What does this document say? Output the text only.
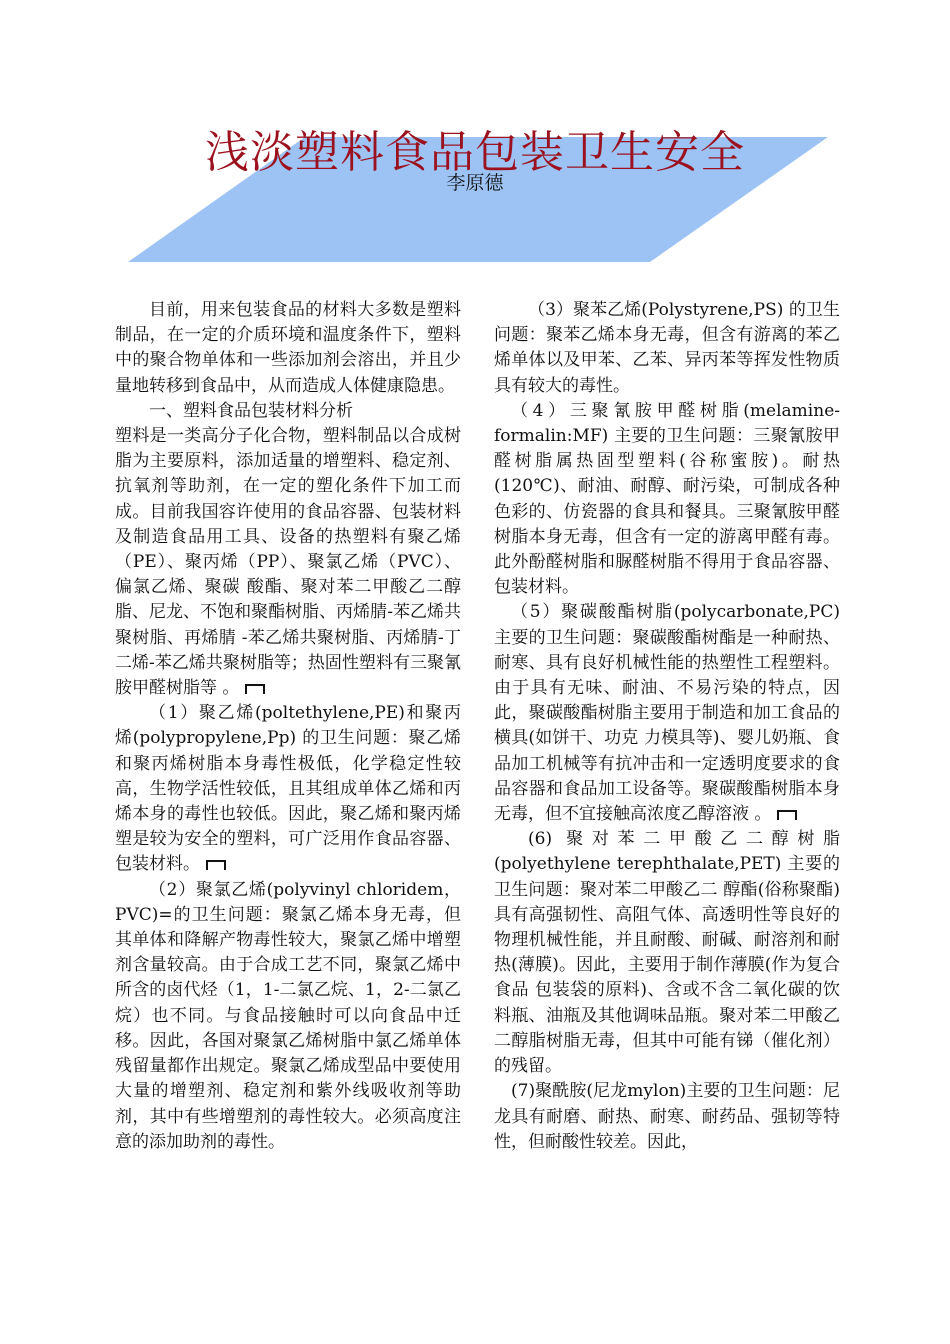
浅淡塑料食品包装卫生安全
李原德

目前，用来包装食品的材料大多数是塑料制品，在一定的介质环境和温度条件下，塑料中的聚合物单体和一些添加剂会溶出，并且少量地转移到食品中，从而造成人体健康隐患。

一、塑料食品包装材料分析

塑料是一类高分子化合物，塑料制品以合成树脂为主要原料，添加适量的增塑料、稳定剂、抗氧剂等助剂，在一定的塑化条件下加工而成。目前我国容许使用的食品容器、包装材料及制造食品用工具、设备的热塑料有聚乙烯（PE）、聚丙烯（PP）、聚氯乙烯（PVC）、偏氯乙烯、聚碳 酸酯、聚对苯二甲酸乙二醇脂、尼龙、不饱和聚酯树脂、丙烯腈-苯乙烯共聚树脂、再烯腈 -苯乙烯共聚树脂、丙烯腈-丁二烯-苯乙烯共聚树脂等；热固性塑料有三聚氰胺甲醛树脂等 。

（1）聚乙烯(poltethylene,PE)和聚丙烯(polypropylene,Pp) 的卫生问题：聚乙烯和聚丙烯树脂本身毒性极低，化学稳定性较高，生物学活性较低，且其组成单体乙烯和丙烯本身的毒性也较低。因此，聚乙烯和聚丙烯塑是较为安全的塑料，可广泛用作食品容器、包装材料。

（2）聚氯乙烯(polyvinyl chloridem，PVC)=的卫生问题：聚氯乙烯本身无毒，但其单体和降解产物毒性较大，聚氯乙烯中增塑剂含量较高。由于合成工艺不同，聚氯乙烯中所含的卤代烃（1，1-二氯乙烷、1，2-二氯乙烷）也不同。与食品接触时可以向食品中迁移。因此，各国对聚氯乙烯树脂中氯乙烯单体残留量都作出规定。聚氯乙烯成型品中要使用大量的增塑剂、稳定剂和紫外线吸收剂等助剂，其中有些增塑剂的毒性较大。必须高度注意的添加助剂的毒性。

（3）聚苯乙烯(Polystyrene,PS) 的卫生问题：聚苯乙烯本身无毒，但含有游离的苯乙烯单体以及甲苯、乙苯、异丙苯等挥发性物质具有较大的毒性。

（4）三聚氰胺甲醛树脂(melamine-formalin:MF) 主要的卫生问题：三聚氰胺甲醛树脂属热固型塑料(谷称蜜胺)。耐热(120℃)、耐油、耐醇、耐污染，可制成各种色彩的、仿瓷器的食具和餐具。三聚氰胺甲醛树脂本身无毒，但含有一定的游离甲醛有毒。此外酚醛树脂和脲醛树脂不得用于食品容器、包装材料。

（5）聚碳酸酯树脂(polycarbonate,PC) 主要的卫生问题：聚碳酸酯树酯是一种耐热、耐寒、具有良好机械性能的热塑性工程塑料。由于具有无味、耐油、不易污染的特点，因此，聚碳酸酯树脂主要用于制造和加工食品的横具(如饼干、功克 力模具等)、婴儿奶瓶、食品加工机械等有抗冲击和一定透明度要求的食品容器和食品加工设备等。聚碳酸酯树脂本身无毒，但不宜接触高浓度乙醇溶液 。

(6) 聚对苯二甲酸乙二醇树脂(polyethylene terephthalate,PET) 主要的卫生问题：聚对苯二甲酸乙二 醇酯(俗称聚酯)具有高强韧性、高阻气体、高透明性等良好的物理机械性能，并且耐酸、耐碱、耐溶剂和耐热(薄膜)。因此，主要用于制作薄膜(作为复合食品 包装袋的原料)、含或不含二氧化碳的饮料瓶、油瓶及其他调味品瓶。聚对苯二甲酸乙二醇脂树脂无毒，但其中可能有锑（催化剂）的残留。

(7)聚酰胺(尼龙mylon)主要的卫生问题：尼龙具有耐磨、耐热、耐寒、耐药品、强韧等特性，但耐酸性较差。因此，
